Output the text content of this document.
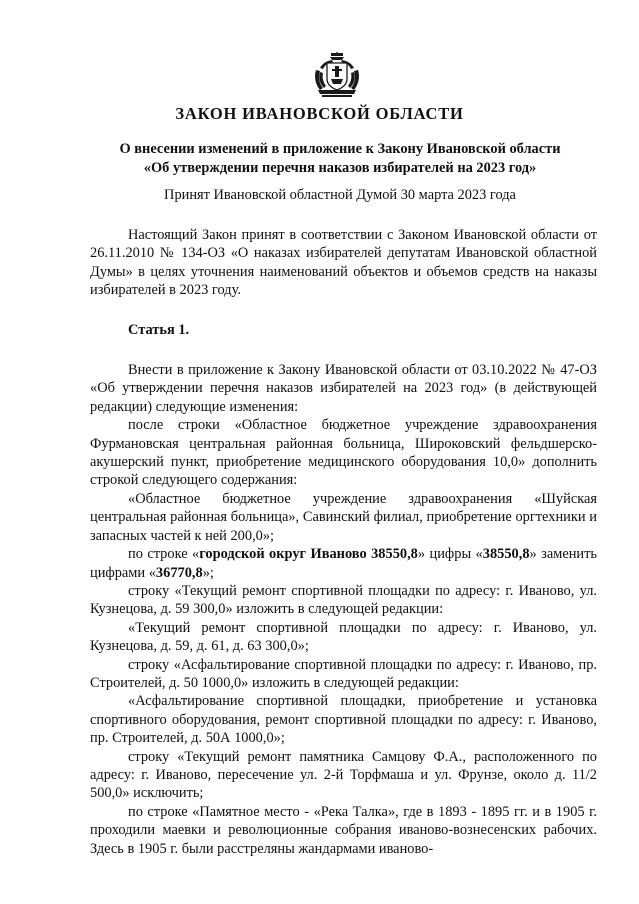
ЗАКОН ИВАНОВСКОЙ ОБЛАСТИ
О внесении изменений в приложение к Закону Ивановской области
«Об утверждении перечня наказов избирателей на 2023 год»
Принят Ивановской областной Думой 30 марта 2023 года

Настоящий Закон принят в соответствии с Законом Ивановской области от 26.11.2010 № 134-ОЗ «О наказах избирателей депутатам Ивановской областной Думы» в целях уточнения наименований объектов и объемов средств на наказы избирателей в 2023 году.

Статья 1.

Внести в приложение к Закону Ивановской области от 03.10.2022 № 47-ОЗ «Об утверждении перечня наказов избирателей на 2023 год» (в действующей редакции) следующие изменения:

после строки «Областное бюджетное учреждение здравоохранения Фурмановская центральная районная больница, Широковский фельдшерско-акушерский пункт, приобретение медицинского оборудования 10,0» дополнить строкой следующего содержания:

«Областное бюджетное учреждение здравоохранения «Шуйская центральная районная больница», Савинский филиал, приобретение оргтехники и запасных частей к ней 200,0»;

по строке «городской округ Иваново 38550,8» цифры «38550,8» заменить цифрами «36770,8»;

строку «Текущий ремонт спортивной площадки по адресу: г. Иваново, ул. Кузнецова, д. 59 300,0» изложить в следующей редакции:

«Текущий ремонт спортивной площадки по адресу: г. Иваново, ул. Кузнецова, д. 59, д. 61, д. 63 300,0»;

строку «Асфальтирование спортивной площадки по адресу: г. Иваново, пр. Строителей, д. 50 1000,0» изложить в следующей редакции:

«Асфальтирование спортивной площадки, приобретение и установка спортивного оборудования, ремонт спортивной площадки по адресу: г. Иваново, пр. Строителей, д. 50А 1000,0»;

строку «Текущий ремонт памятника Самцову Ф.А., расположенного по адресу: г. Иваново, пересечение ул. 2-й Торфмаша и ул. Фрунзе, около д. 11/2 500,0» исключить;

по строке «Памятное место - «Река Талка», где в 1893 - 1895 гг. и в 1905 г. проходили маевки и революционные собрания иваново-вознесенских рабочих. Здесь в 1905 г. были расстреляны жандармами иваново-
